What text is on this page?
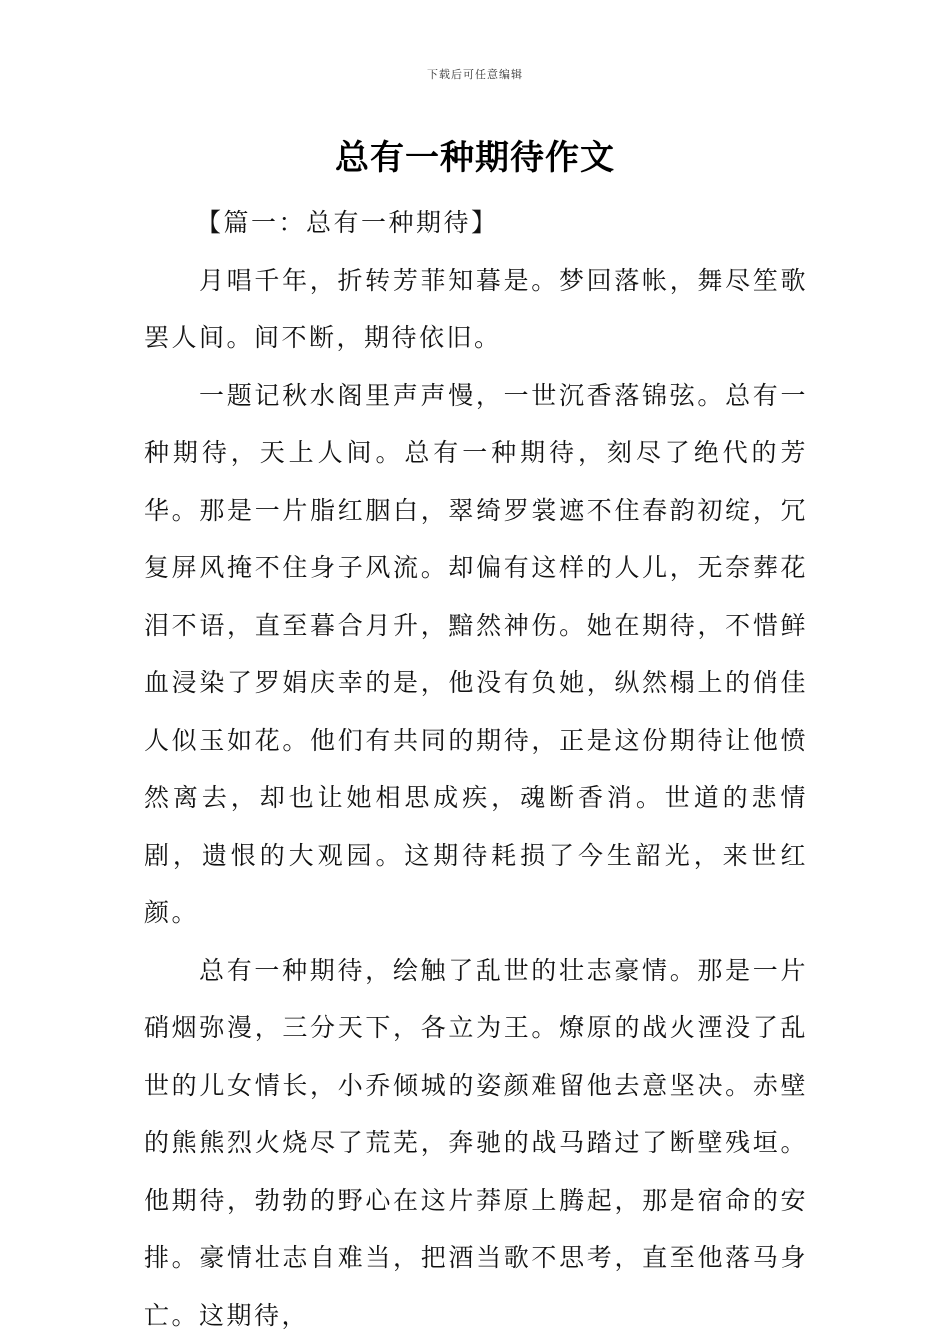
下载后可任意编辑
总有一种期待作文

【篇一：总有一种期待】

月唱千年，折转芳菲知暮是。梦回落帐，舞尽笙歌罢人间。间不断，期待依旧。

一题记秋水阁里声声慢，一世沉香落锦弦。总有一种期待，天上人间。总有一种期待，刻尽了绝代的芳华。那是一片脂红胭白，翠绮罗裳遮不住春韵初绽，冗复屏风掩不住身子风流。却偏有这样的人儿，无奈葬花泪不语，直至暮合月升，黯然神伤。她在期待，不惜鲜血浸染了罗娟庆幸的是，他没有负她，纵然榻上的俏佳人似玉如花。他们有共同的期待，正是这份期待让他愤然离去，却也让她相思成疾，魂断香消。世道的悲情剧，遗恨的大观园。这期待耗损了今生韶光，来世红颜。

总有一种期待，绘触了乱世的壮志豪情。那是一片硝烟弥漫，三分天下，各立为王。燎原的战火湮没了乱世的儿女情长，小乔倾城的姿颜难留他去意坚决。赤壁的熊熊烈火烧尽了荒芜，奔驰的战马踏过了断壁残垣。他期待，勃勃的野心在这片莽原上腾起，那是宿命的安排。豪情壮志自难当，把酒当歌不思考，直至他落马身亡。这期待，
